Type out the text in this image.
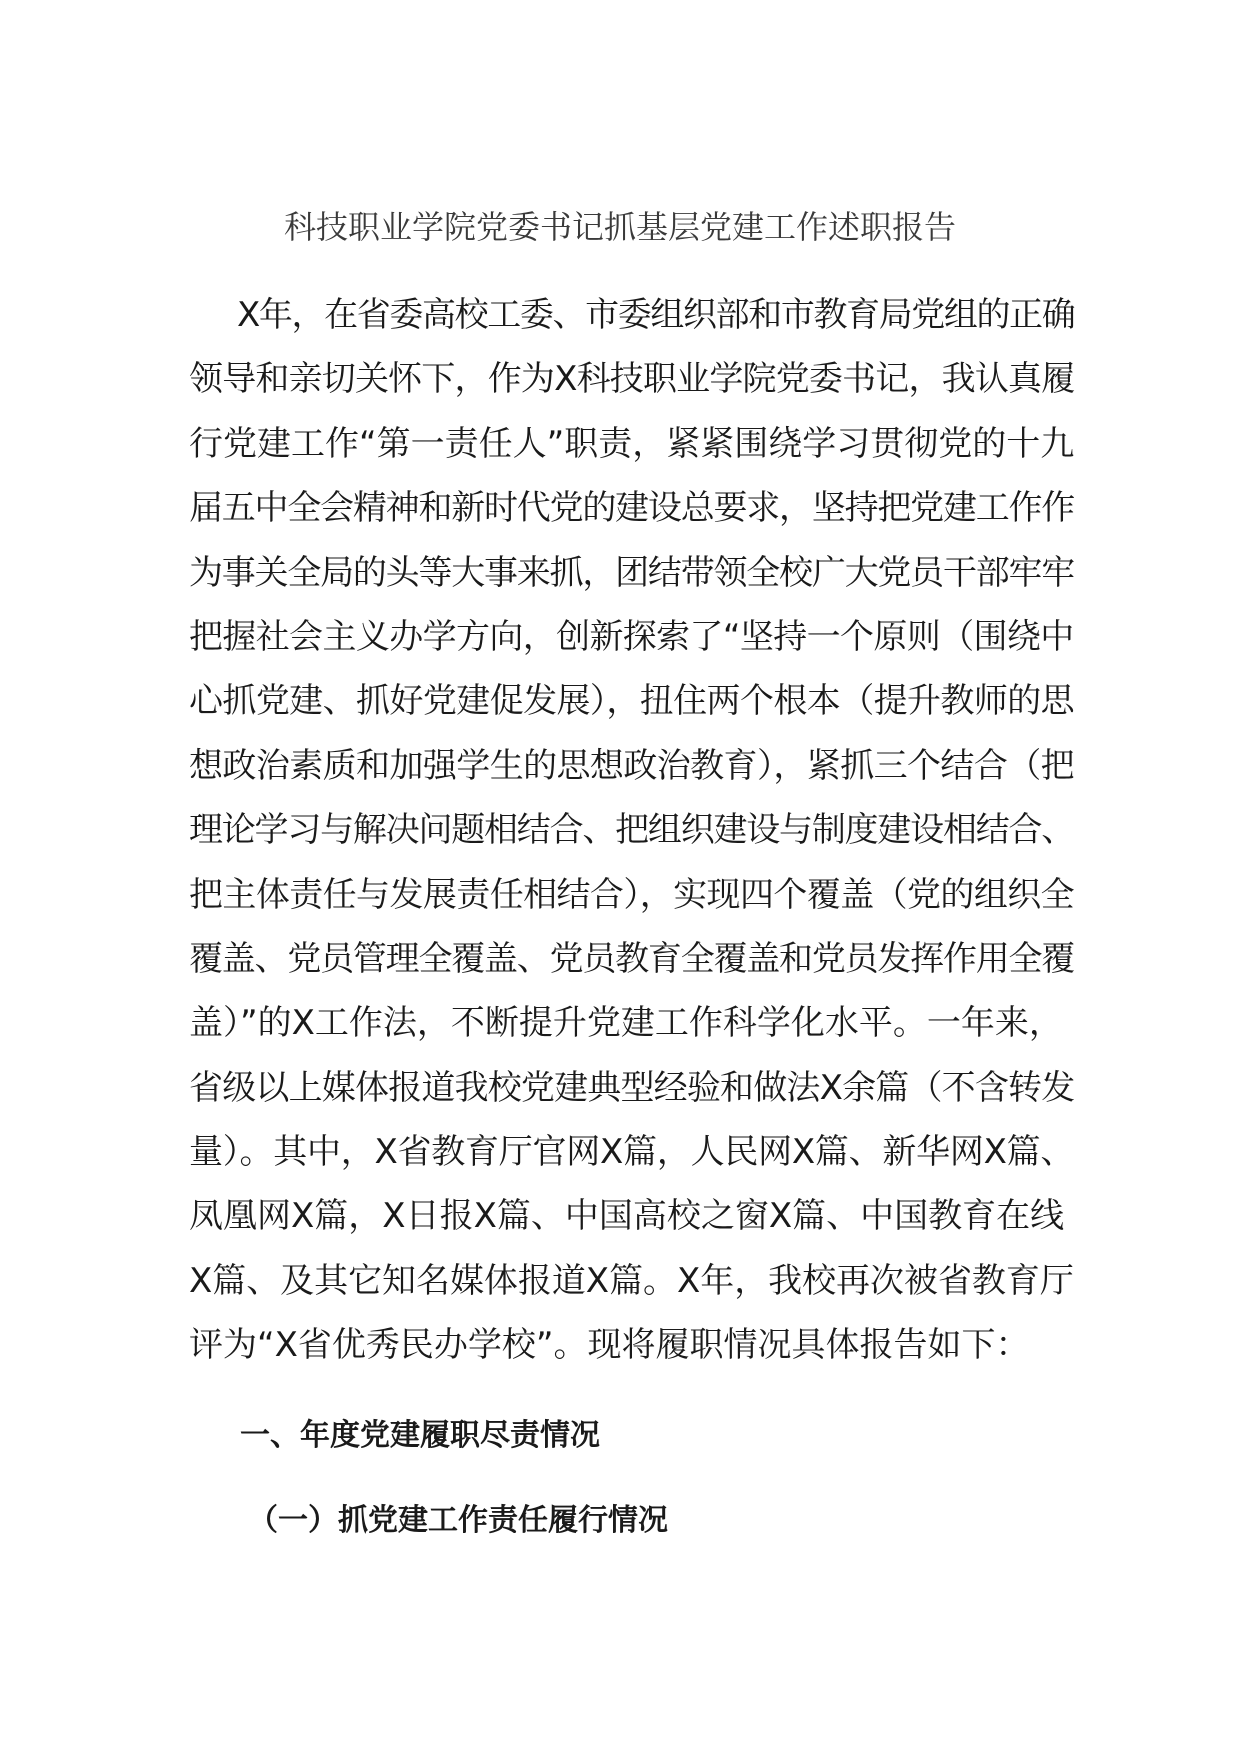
科技职业学院党委书记抓基层党建工作述职报告
X年，在省委高校工委、市委组织部和市教育局党组的正确
领导和亲切关怀下，作为X科技职业学院党委书记，我认真履
行党建工作“第一责任人”职责，紧紧围绕学习贯彻党的十九
届五中全会精神和新时代党的建设总要求，坚持把党建工作作
为事关全局的头等大事来抓，团结带领全校广大党员干部牢牢
把握社会主义办学方向，创新探索了“坚持一个原则（围绕中
心抓党建、抓好党建促发展），扭住两个根本（提升教师的思
想政治素质和加强学生的思想政治教育），紧抓三个结合（把
理论学习与解决问题相结合、把组织建设与制度建设相结合、
把主体责任与发展责任相结合），实现四个覆盖（党的组织全
覆盖、党员管理全覆盖、党员教育全覆盖和党员发挥作用全覆
盖）”的X工作法，不断提升党建工作科学化水平。一年来，
省级以上媒体报道我校党建典型经验和做法X余篇（不含转发
量）。其中，X省教育厅官网X篇，人民网X篇、新华网X篇、
凤凰网X篇，X日报X篇、中国高校之窗X篇、中国教育在线
X篇、及其它知名媒体报道X篇。X年，我校再次被省教育厅
评为“X省优秀民办学校”。现将履职情况具体报告如下：
一、年度党建履职尽责情况
（一）抓党建工作责任履行情况
